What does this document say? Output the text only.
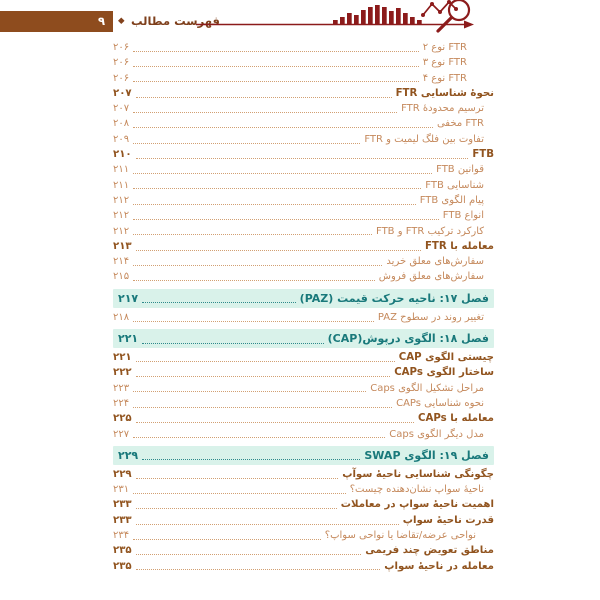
۹	◆ فهرست مطالب
FTR نوع ۲
۲۰۶
FTR نوع ۳
۲۰۶
FTR نوع ۴
۲۰۶
نحوۀ شناسایی FTR
۲۰۷
ترسیم محدودۀ FTR
۲۰۷
FTR مخفی
۲۰۸
تفاوت بین فلگ لیمیت و FTR
۲۰۹
FTB
۲۱۰
قوانین FTB
۲۱۱
شناسایی FTB
۲۱۱
پیام الگوی FTB
۲۱۲
انواع FTB
۲۱۲
کارکرد ترکیب FTR و FTB
۲۱۲
معامله با FTR
۲۱۳
سفارش‌های معلق خرید
۲۱۴
سفارش‌های معلق فروش
۲۱۵
فصل ۱۷: ناحیه حرکت قیمت (PAZ)
۲۱۷
تغییر روند در سطوح PAZ
۲۱۸
فصل ۱۸: الگوی درپوش(CAP)
۲۲۱
چیستی الگوی CAP
۲۲۱
ساختار الگوی CAPs
۲۲۲
مراحل تشکیل الگوی Caps
۲۲۳
نحوه شناسایی CAPs
۲۲۴
معامله با CAPs
۲۲۵
مدل دیگر الگوی Caps
۲۲۷
فصل ۱۹: الگوی SWAP
۲۲۹
چگونگی شناسایی ناحیۀ سوآپ
۲۲۹
ناحیۀ سواپ نشان‌دهنده چیست؟
۲۳۱
اهمیت ناحیۀ سواپ در معاملات
۲۳۳
قدرت ناحیۀ سواپ
۲۳۳
نواحی عرضه/تقاضا یا نواحی سواپ؟
۲۳۴
مناطق تعویض چند فریمی
۲۳۵
معامله در ناحیۀ سواپ
۲۳۵
